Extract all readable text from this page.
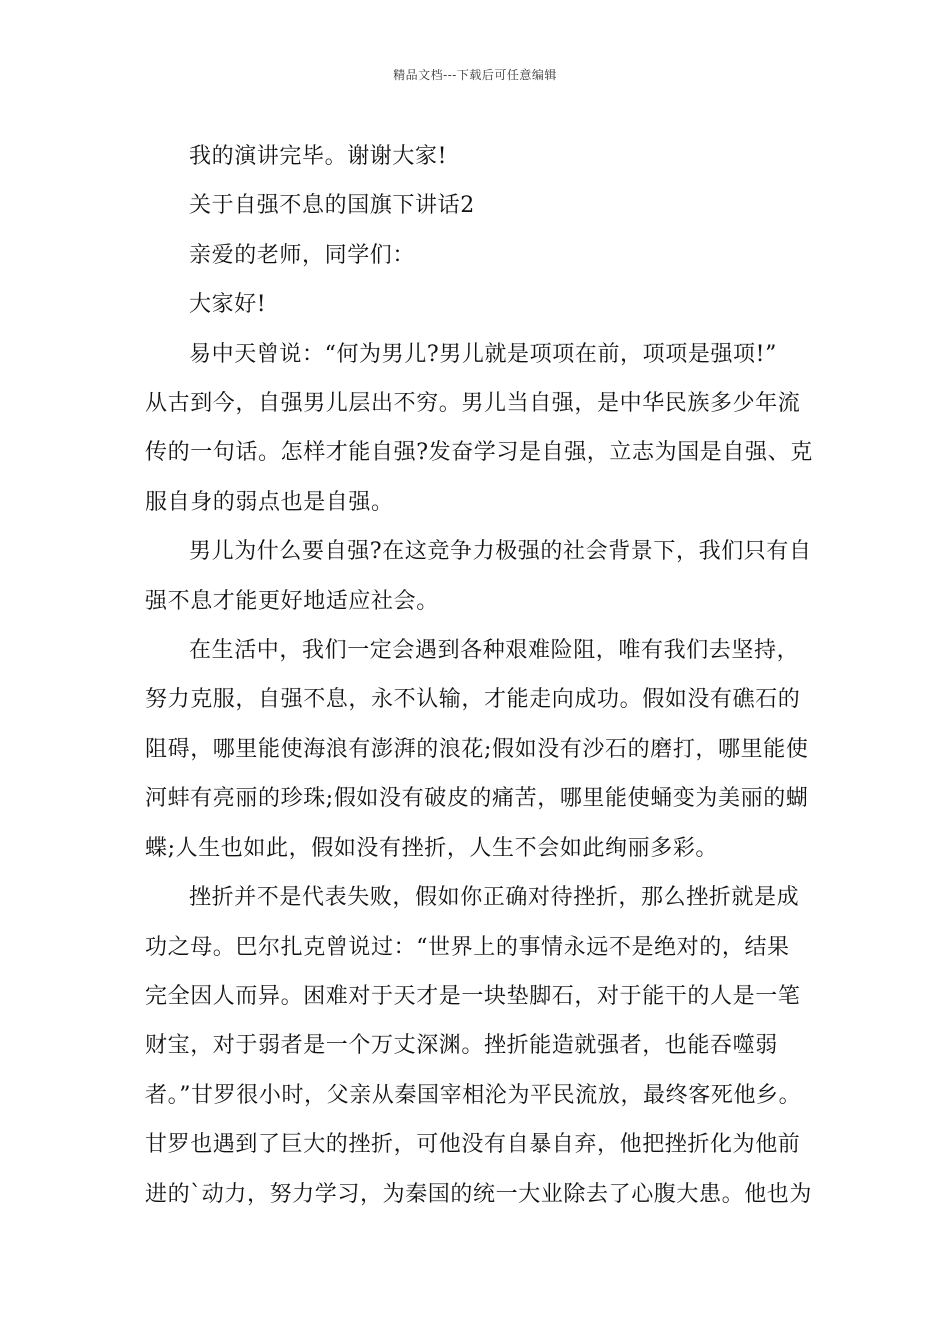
精品文档---下载后可任意编辑
我的演讲完毕。谢谢大家!
关于自强不息的国旗下讲话2
亲爱的老师，同学们：
大家好!
易中天曾说：“何为男儿?男儿就是项项在前，项项是强项!”
从古到今，自强男儿层出不穷。男儿当自强，是中华民族多少年流
传的一句话。怎样才能自强?发奋学习是自强，立志为国是自强、克
服自身的弱点也是自强。
男儿为什么要自强?在这竞争力极强的社会背景下，我们只有自
强不息才能更好地适应社会。
在生活中，我们一定会遇到各种艰难险阻，唯有我们去坚持，
努力克服，自强不息，永不认输，才能走向成功。假如没有礁石的
阻碍，哪里能使海浪有澎湃的浪花;假如没有沙石的磨打，哪里能使
河蚌有亮丽的珍珠;假如没有破皮的痛苦，哪里能使蛹变为美丽的蝴
蝶;人生也如此，假如没有挫折，人生不会如此绚丽多彩。
挫折并不是代表失败，假如你正确对待挫折，那么挫折就是成
功之母。巴尔扎克曾说过：“世界上的事情永远不是绝对的，结果
完全因人而异。困难对于天才是一块垫脚石，对于能干的人是一笔
财宝，对于弱者是一个万丈深渊。挫折能造就强者，也能吞噬弱
者。”甘罗很小时，父亲从秦国宰相沦为平民流放，最终客死他乡。
甘罗也遇到了巨大的挫折，可他没有自暴自弃，他把挫折化为他前
进的`动力，努力学习，为秦国的统一大业除去了心腹大患。他也为
